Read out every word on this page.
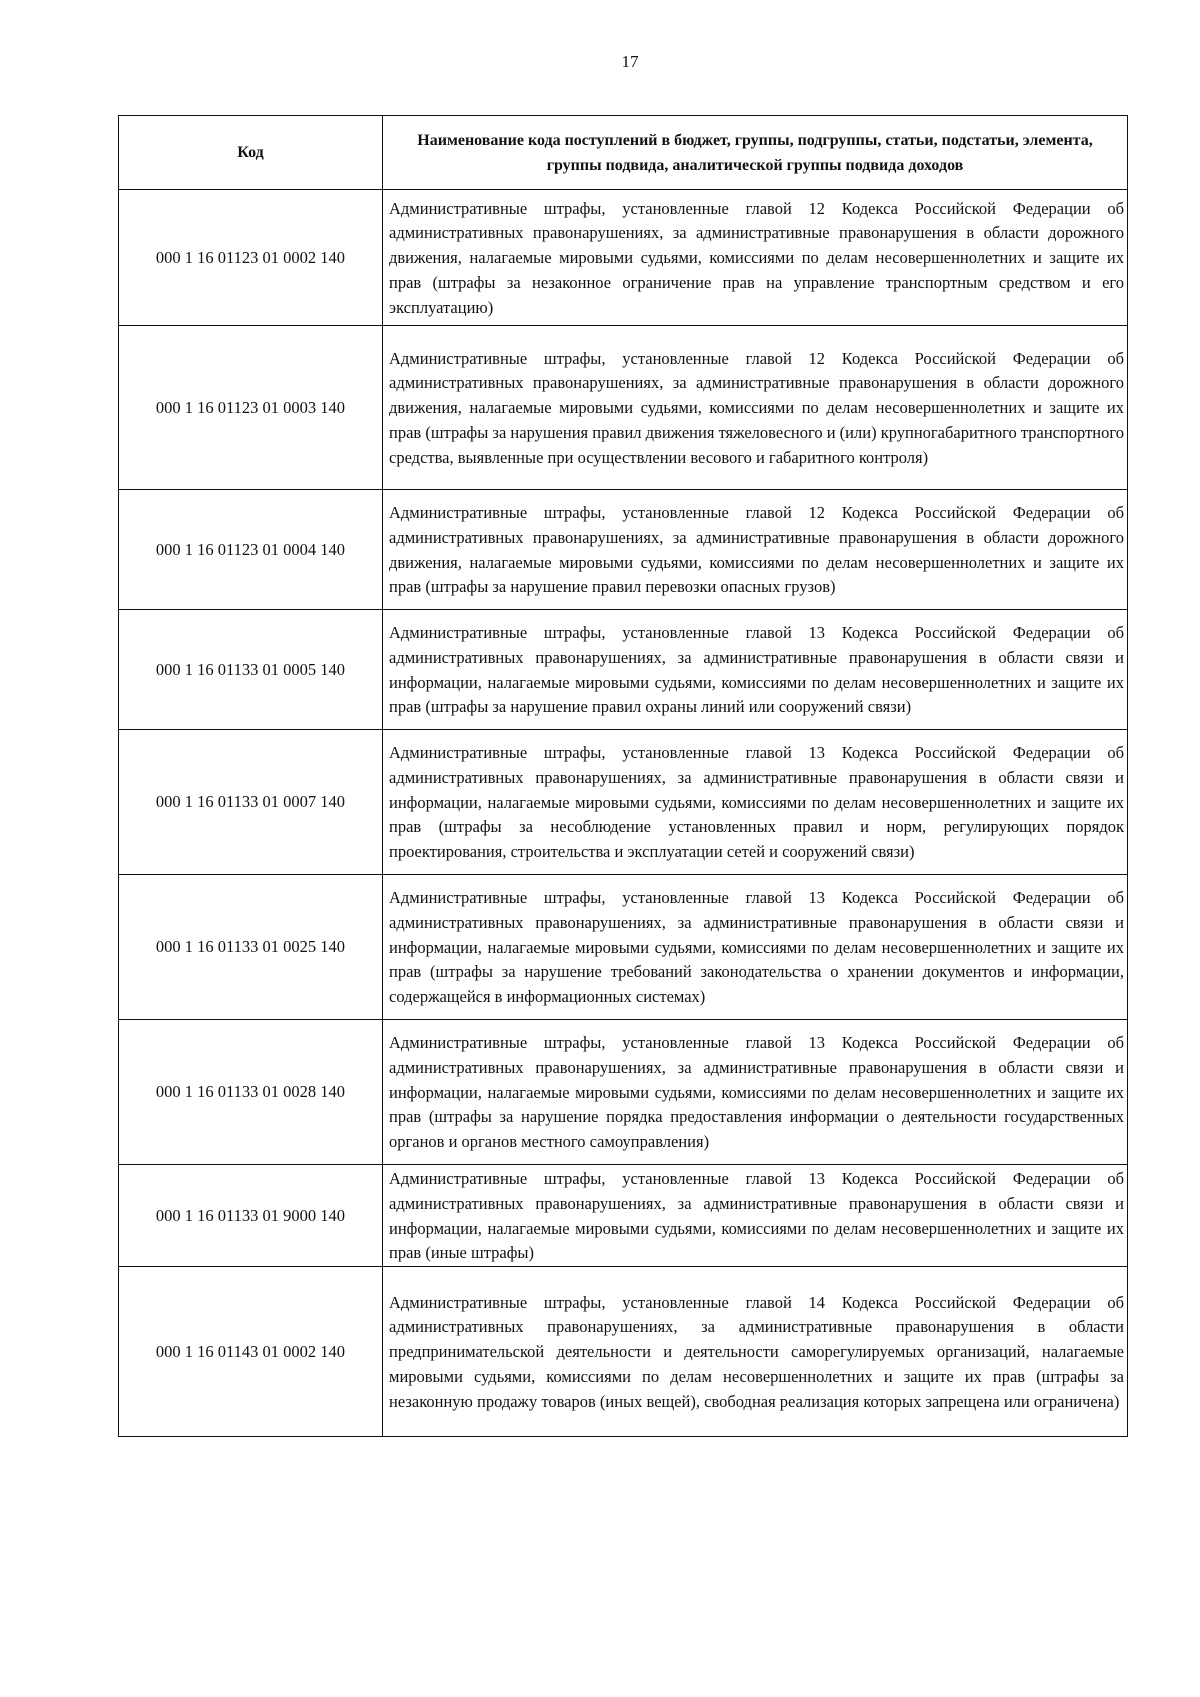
17
Код	Наименование кода поступлений в бюджет, группы, подгруппы, статьи, подстатьи, элемента, группы подвида, аналитической группы подвида доходов
000 1 16 01123 01 0002 140	Административные штрафы, установленные главой 12 Кодекса Российской Федерации об административных правонарушениях, за административные правонарушения в области дорожного движения, налагаемые мировыми судьями, комиссиями по делам несовершеннолетних и защите их прав (штрафы за незаконное ограничение прав на управление транспортным средством и его эксплуатацию)
000 1 16 01123 01 0003 140	Административные штрафы, установленные главой 12 Кодекса Российской Федерации об административных правонарушениях, за административные правонарушения в области дорожного движения, налагаемые мировыми судьями, комиссиями по делам несовершеннолетних и защите их прав (штрафы за нарушения правил движения тяжеловесного и (или) крупногабаритного транспортного средства, выявленные при осуществлении весового и габаритного контроля)
000 1 16 01123 01 0004 140	Административные штрафы, установленные главой 12 Кодекса Российской Федерации об административных правонарушениях, за административные правонарушения в области дорожного движения, налагаемые мировыми судьями, комиссиями по делам несовершеннолетних и защите их прав (штрафы за нарушение правил перевозки опасных грузов)
000 1 16 01133 01 0005 140	Административные штрафы, установленные главой 13 Кодекса Российской Федерации об административных правонарушениях, за административные правонарушения в области связи и информации, налагаемые мировыми судьями, комиссиями по делам несовершеннолетних и защите их прав (штрафы за нарушение правил охраны линий или сооружений связи)
000 1 16 01133 01 0007 140	Административные штрафы, установленные главой 13 Кодекса Российской Федерации об административных правонарушениях, за административные правонарушения в области связи и информации, налагаемые мировыми судьями, комиссиями по делам несовершеннолетних и защите их прав (штрафы за несоблюдение установленных правил и норм, регулирующих порядок проектирования, строительства и эксплуатации сетей и сооружений связи)
000 1 16 01133 01 0025 140	Административные штрафы, установленные главой 13 Кодекса Российской Федерации об административных правонарушениях, за административные правонарушения в области связи и информации, налагаемые мировыми судьями, комиссиями по делам несовершеннолетних и защите их прав (штрафы за нарушение требований законодательства о хранении документов и информации, содержащейся в информационных системах)
000 1 16 01133 01 0028 140	Административные штрафы, установленные главой 13 Кодекса Российской Федерации об административных правонарушениях, за административные правонарушения в области связи и информации, налагаемые мировыми судьями, комиссиями по делам несовершеннолетних и защите их прав (штрафы за нарушение порядка предоставления информации о деятельности государственных органов и органов местного самоуправления)
000 1 16 01133 01 9000 140	Административные штрафы, установленные главой 13 Кодекса Российской Федерации об административных правонарушениях, за административные правонарушения в области связи и информации, налагаемые мировыми судьями, комиссиями по делам несовершеннолетних и защите их прав (иные штрафы)
000 1 16 01143 01 0002 140	Административные штрафы, установленные главой 14 Кодекса Российской Федерации об административных правонарушениях, за административные правонарушения в области предпринимательской деятельности и деятельности саморегулируемых организаций, налагаемые мировыми судьями, комиссиями по делам несовершеннолетних и защите их прав (штрафы за незаконную продажу товаров (иных вещей), свободная реализация которых запрещена или ограничена)
